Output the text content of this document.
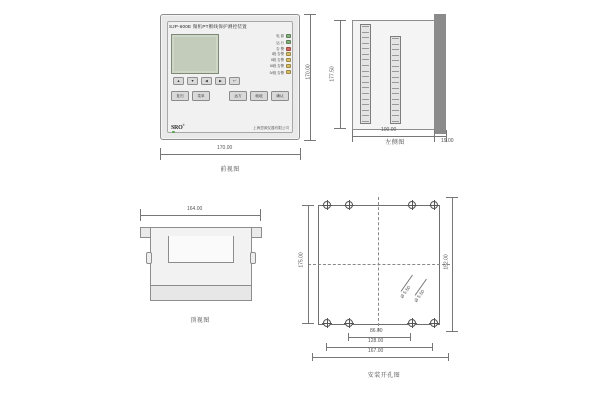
SJP-600E 微机PT断线保护测控装置
电 源
运 行
告 警
I段 告警
II段 告警
III段 告警
IV段 告警
▲	▼	◀	▶	↵
复归	菜单	远方	就地	确认
SRO®
上海思源仪器有限公司
170.00
170.00
前视图
177.50
100.00
19.00
左侧图
164.00
顶视图
175.00	192.00
Ø 5.50 Ø 5.50
86.00
128.00
167.00
安装开孔图
